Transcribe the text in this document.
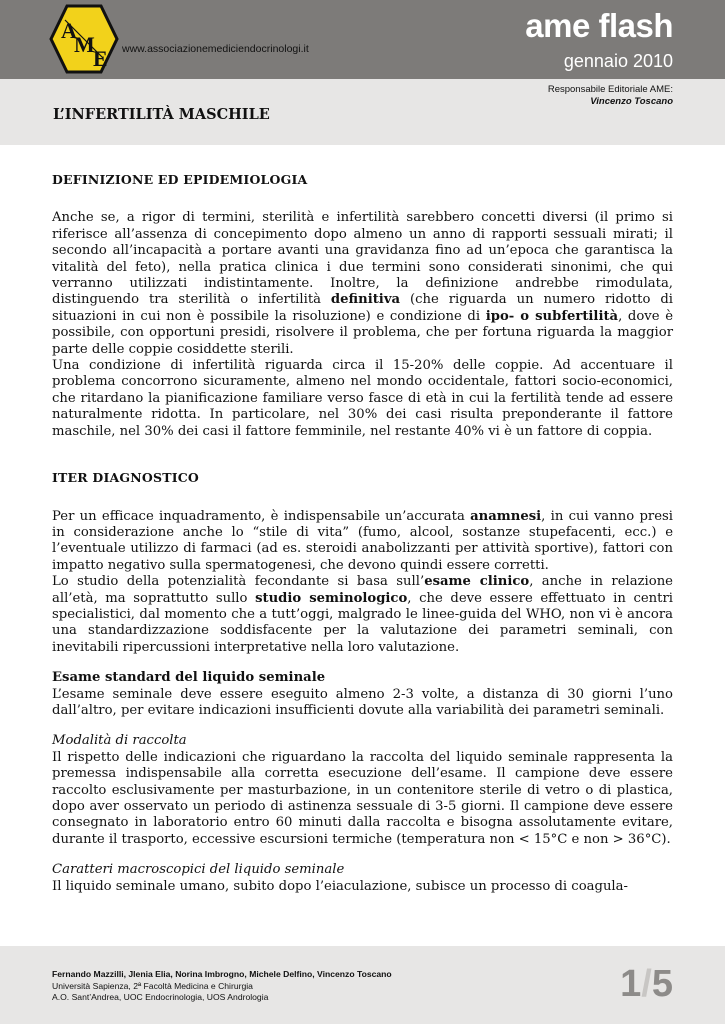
A
M
E www.associazionemediciendocrinologi.it
ame flash
gennaio 2010
Responsabile Editoriale AME:
Vincenzo Toscano
L’INFERTILITÀ MASCHILE

DEFINIZIONE ED EPIDEMIOLOGIA

Anche se, a rigor di termini, sterilità e infertilità sarebbero concetti diversi (il primo si riferisce all’assenza di concepimento dopo almeno un anno di rapporti sessuali mirati; il secondo all’incapacità a portare avanti una gravidanza fino ad un’epoca che garantisca la vitalità del feto), nella pratica clinica i due termini sono considerati sinonimi, che qui verranno utilizzati indistintamente. Inoltre, la definizione andrebbe rimodulata, distinguendo tra sterilità o infertilità definitiva (che riguarda un numero ridotto di situazioni in cui non è possibile la risoluzione) e condizione di ipo- o subfertilità, dove è possibile, con opportuni presidi, risolvere il problema, che per fortuna riguarda la maggior parte delle coppie cosiddette sterili.

Una condizione di infertilità riguarda circa il 15-20% delle coppie. Ad accentuare il problema concorrono sicuramente, almeno nel mondo occidentale, fattori socio-economici, che ritardano la pianificazione familiare verso fasce di età in cui la fertilità tende ad essere naturalmente ridotta. In particolare, nel 30% dei casi risulta preponderante il fattore maschile, nel 30% dei casi il fattore femminile, nel restante 40% vi è un fattore di coppia.

ITER DIAGNOSTICO

Per un efficace inquadramento, è indispensabile un’accurata anamnesi, in cui vanno presi in considerazione anche lo “stile di vita” (fumo, alcool, sostanze stupefacenti, ecc.) e l’eventuale utilizzo di farmaci (ad es. steroidi anabolizzanti per attività sportive), fattori con impatto negativo sulla spermatogenesi, che devono quindi essere corretti.

Lo studio della potenzialità fecondante si basa sull’esame clinico, anche in relazione all’età, ma soprattutto sullo studio seminologico, che deve essere effettuato in centri specialistici, dal momento che a tutt’oggi, malgrado le linee-guida del WHO, non vi è ancora una standardizzazione soddisfacente per la valutazione dei parametri seminali, con inevitabili ripercussioni interpretative nella loro valutazione.

Esame standard del liquido seminale

L’esame seminale deve essere eseguito almeno 2-3 volte, a distanza di 30 giorni l’uno dall’altro, per evitare indicazioni insufficienti dovute alla variabilità dei parametri seminali.

Modalità di raccolta

Il rispetto delle indicazioni che riguardano la raccolta del liquido seminale rappresenta la premessa indispensabile alla corretta esecuzione dell’esame. Il campione deve essere raccolto esclusivamente per masturbazione, in un contenitore sterile di vetro o di plastica, dopo aver osservato un periodo di astinenza sessuale di 3-5 giorni. Il campione deve essere consegnato in laboratorio entro 60 minuti dalla raccolta e bisogna assolutamente evitare, durante il trasporto, eccessive escursioni termiche (temperatura non < 15°C e non > 36°C).

Caratteri macroscopici del liquido seminale

Il liquido seminale umano, subito dopo l’eiaculazione, subisce un processo di coagula-

Fernando Mazzilli, Jlenia Elia, Norina Imbrogno, Michele Delfino, Vincenzo Toscano
Università Sapienza, 2ª Facoltà Medicina e Chirurgia
A.O. Sant’Andrea, UOC Endocrinologia, UOS Andrologia	1/5
